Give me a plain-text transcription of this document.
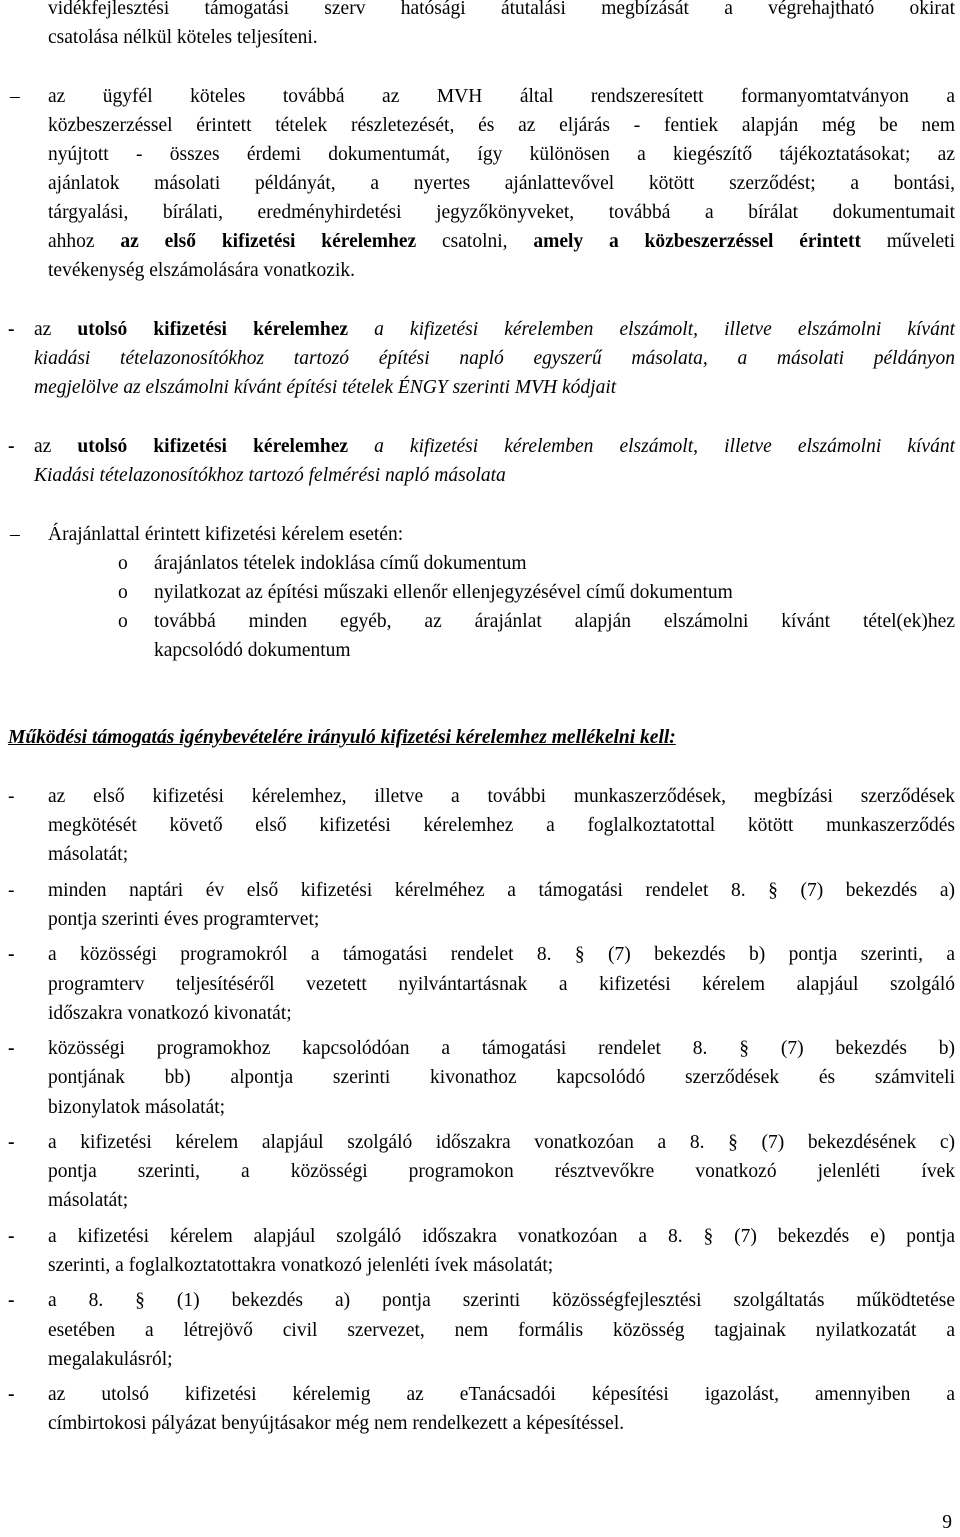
vidékfejlesztési támogatási szerv hatósági átutalási megbízását a végrehajtható okirat
csatolása nélkül köteles teljesíteni.
– az ügyfél köteles továbbá az MVH által rendszeresített formanyomtatványon a
közbeszerzéssel érintett tételek részletezését, és az eljárás - fentiek alapján még be nem
nyújtott - összes érdemi dokumentumát, így különösen a kiegészítő tájékoztatásokat; az
ajánlatok másolati példányát, a nyertes ajánlattevővel kötött szerződést; a bontási,
tárgyalási, bírálati, eredményhirdetési jegyzőkönyveket, továbbá a bírálat dokumentumait
ahhoz az első kifizetési kérelemhez csatolni, amely a közbeszerzéssel érintett műveleti
tevékenység elszámolására vonatkozik.
- az utolsó kifizetési kérelemhez a kifizetési kérelemben elszámolt, illetve elszámolni kívánt
kiadási tételazonosítókhoz tartozó építési napló egyszerű másolata, a másolati példányon
megjelölve az elszámolni kívánt építési tételek ÉNGY szerinti MVH kódjait
- az utolsó kifizetési kérelemhez a kifizetési kérelemben elszámolt, illetve elszámolni kívánt
Kiadási tételazonosítókhoz tartozó felmérési napló másolata
– Árajánlattal érintett kifizetési kérelem esetén:
o árajánlatos tételek indoklása című dokumentum
o nyilatkozat az építési műszaki ellenőr ellenjegyzésével című dokumentum
o továbbá minden egyéb, az árajánlat alapján elszámolni kívánt tétel(ek)hez
kapcsolódó dokumentum
Működési támogatás igénybevételére irányuló kifizetési kérelemhez mellékelni kell:
- az első kifizetési kérelemhez, illetve a további munkaszerződések, megbízási szerződések
megkötését követő első kifizetési kérelemhez a foglalkoztatottal kötött munkaszerződés
másolatát;
- minden naptári év első kifizetési kérelméhez a támogatási rendelet 8. § (7) bekezdés a)
pontja szerinti éves programtervet;
- a közösségi programokról a támogatási rendelet 8. § (7) bekezdés b) pontja szerinti, a
programterv teljesítéséről vezetett nyilvántartásnak a kifizetési kérelem alapjául szolgáló
időszakra vonatkozó kivonatát;
- közösségi programokhoz kapcsolódóan a támogatási rendelet 8. § (7) bekezdés b)
pontjának bb) alpontja szerinti kivonathoz kapcsolódó szerződések és számviteli
bizonylatok másolatát;
- a kifizetési kérelem alapjául szolgáló időszakra vonatkozóan a 8. § (7) bekezdésének c)
pontja szerinti, a közösségi programokon résztvevőkre vonatkozó jelenléti ívek
másolatát;
- a kifizetési kérelem alapjául szolgáló időszakra vonatkozóan a 8. § (7) bekezdés e) pontja
szerinti, a foglalkoztatottakra vonatkozó jelenléti ívek másolatát;
- a 8. § (1) bekezdés a) pontja szerinti közösségfejlesztési szolgáltatás működtetése
esetében a létrejövő civil szervezet, nem formális közösség tagjainak nyilatkozatát a
megalakulásról;
- az utolsó kifizetési kérelemig az eTanácsadói képesítési igazolást, amennyiben a
címbirtokosi pályázat benyújtásakor még nem rendelkezett a képesítéssel.
9
